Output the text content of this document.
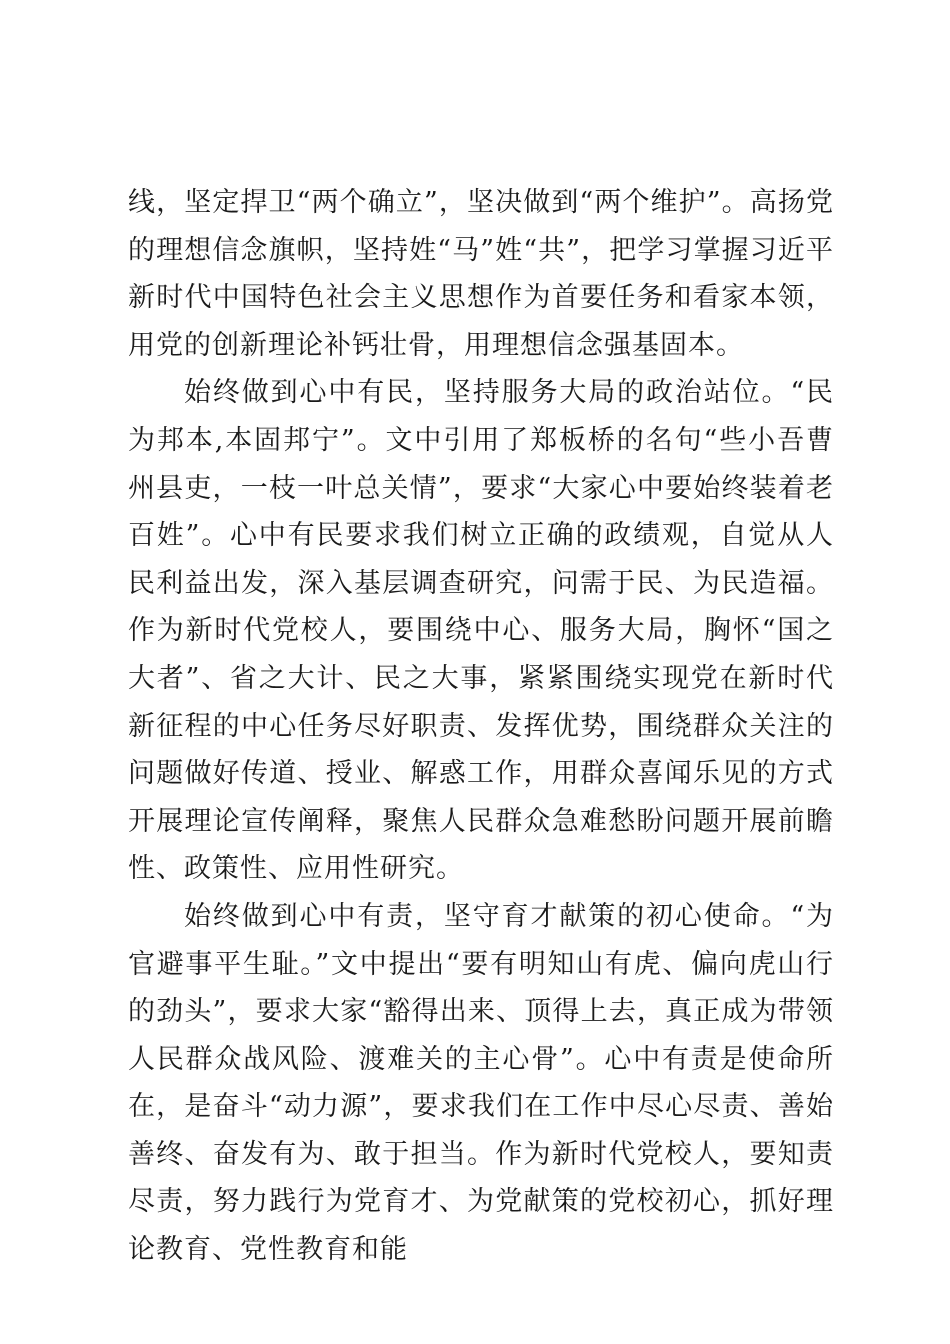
线，坚定捍卫“两个确立”，坚决做到“两个维护”。高扬党的理想信念旗帜，坚持姓“马”姓“共”，把学习掌握习近平新时代中国特色社会主义思想作为首要任务和看家本领，用党的创新理论补钙壮骨，用理想信念强基固本。

始终做到心中有民，坚持服务大局的政治站位。“民为邦本,本固邦宁”。文中引用了郑板桥的名句“些小吾曹州县吏，一枝一叶总关情”，要求“大家心中要始终装着老百姓”。心中有民要求我们树立正确的政绩观，自觉从人民利益出发，深入基层调查研究，问需于民、为民造福。作为新时代党校人，要围绕中心、服务大局，胸怀“国之大者”、省之大计、民之大事，紧紧围绕实现党在新时代新征程的中心任务尽好职责、发挥优势，围绕群众关注的问题做好传道、授业、解惑工作，用群众喜闻乐见的方式开展理论宣传阐释，聚焦人民群众急难愁盼问题开展前瞻性、政策性、应用性研究。

始终做到心中有责，坚守育才献策的初心使命。“为官避事平生耻。”文中提出“要有明知山有虎、偏向虎山行的劲头”，要求大家“豁得出来、顶得上去，真正成为带领人民群众战风险、渡难关的主心骨”。心中有责是使命所在，是奋斗“动力源”，要求我们在工作中尽心尽责、善始善终、奋发有为、敢于担当。作为新时代党校人，要知责尽责，努力践行为党育才、为党献策的党校初心，抓好理论教育、党性教育和能
